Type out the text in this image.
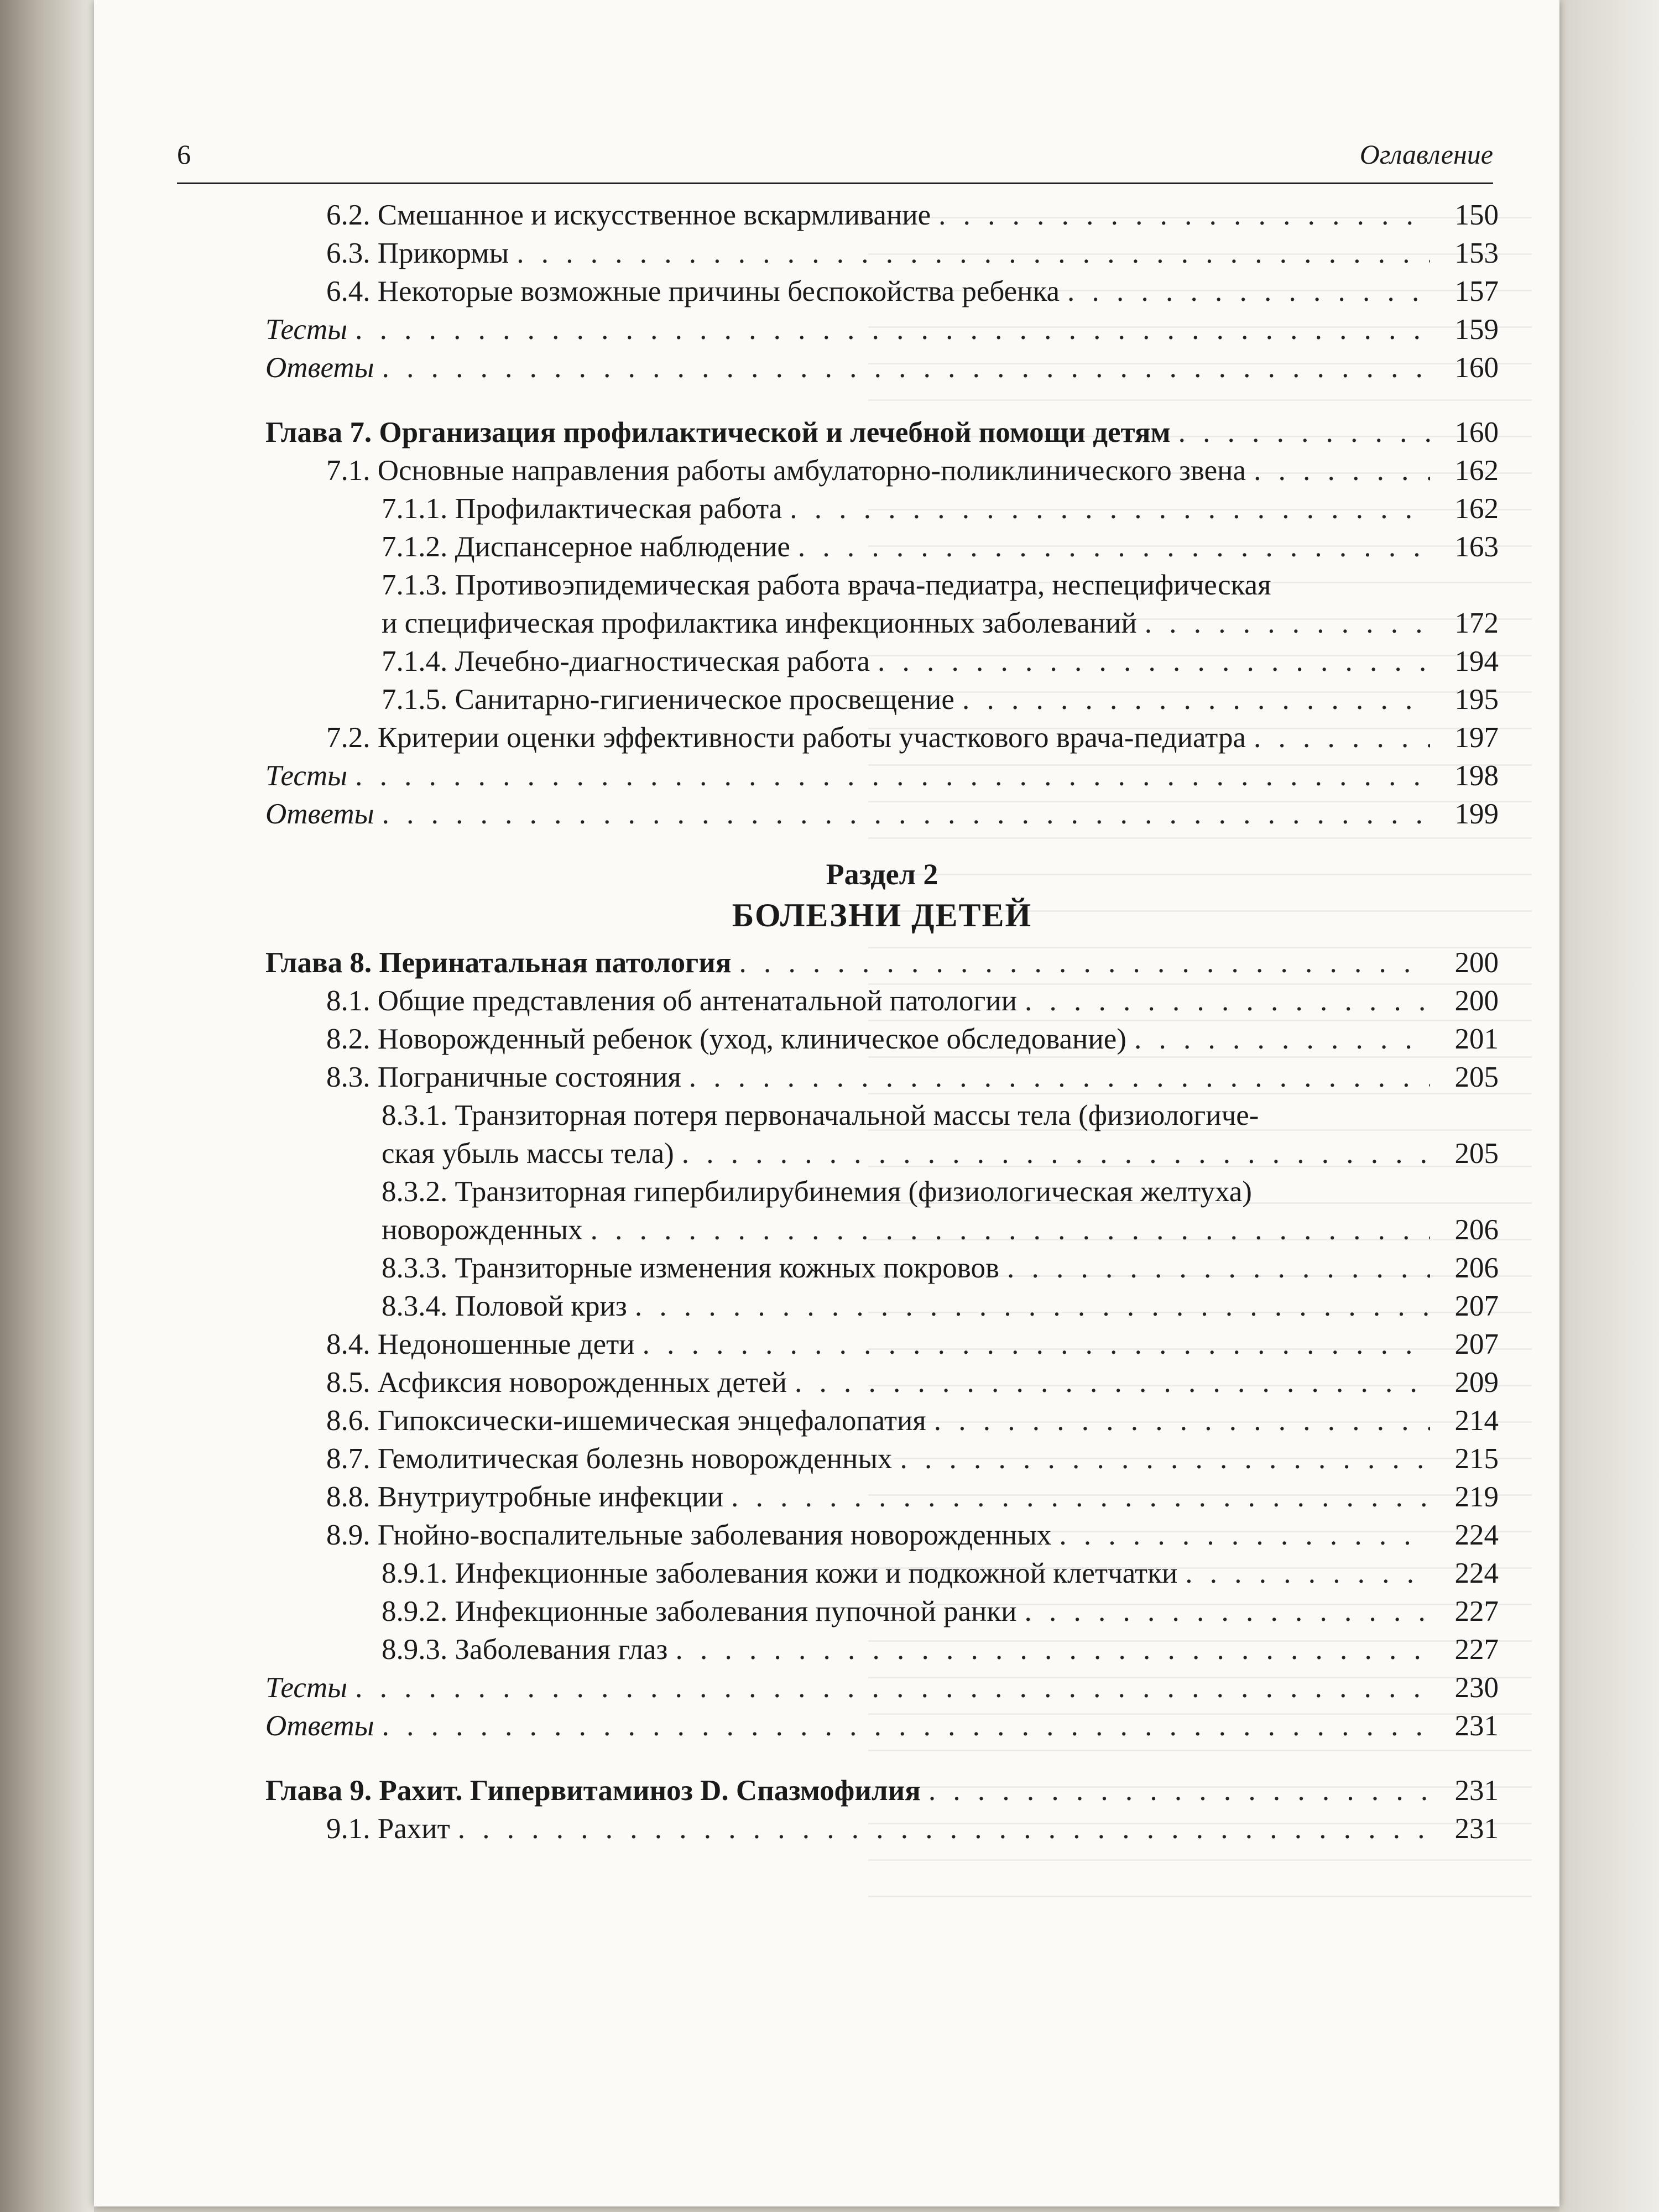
6	Оглавление
6.2. Смешанное и искусственное вскармливание . . .	150
6.3. Прикормы . . .	153
6.4. Некоторые возможные причины беспокойства ребенка . . .	157
Тесты . . .	159
Ответы . . .	160
Глава 7. Организация профилактической и лечебной помощи детям . . .	160
7.1. Основные направления работы амбулаторно-поликлинического звена . . .	162
7.1.1. Профилактическая работа . . .	162
7.1.2. Диспансерное наблюдение . . .	163
7.1.3. Противоэпидемическая работа врача-педиатра, неспецифическая
и специфическая профилактика инфекционных заболеваний . . .	172
7.1.4. Лечебно-диагностическая работа . . .	194
7.1.5. Санитарно-гигиеническое просвещение . . .	195
7.2. Критерии оценки эффективности работы участкового врача-педиатра . . .	197
Тесты . . .	198
Ответы . . .	199
Раздел 2
БОЛЕЗНИ ДЕТЕЙ
Глава 8. Перинатальная патология . . .	200
8.1. Общие представления об антенатальной патологии . . .	200
8.2. Новорожденный ребенок (уход, клиническое обследование) . . .	201
8.3. Пограничные состояния . . .	205
8.3.1. Транзиторная потеря первоначальной массы тела (физиологиче-
ская убыль массы тела) . . .	205
8.3.2. Транзиторная гипербилирубинемия (физиологическая желтуха)
новорожденных . . .	206
8.3.3. Транзиторные изменения кожных покровов . . .	206
8.3.4. Половой криз . . .	207
8.4. Недоношенные дети . . .	207
8.5. Асфиксия новорожденных детей . . .	209
8.6. Гипоксически-ишемическая энцефалопатия . . .	214
8.7. Гемолитическая болезнь новорожденных . . .	215
8.8. Внутриутробные инфекции . . .	219
8.9. Гнойно-воспалительные заболевания новорожденных . . .	224
8.9.1. Инфекционные заболевания кожи и подкожной клетчатки . . .	224
8.9.2. Инфекционные заболевания пупочной ранки . . .	227
8.9.3. Заболевания глаз . . .	227
Тесты . . .	230
Ответы . . .	231
Глава 9. Рахит. Гипервитаминоз D. Спазмофилия . . .	231
9.1. Рахит . . .	231
